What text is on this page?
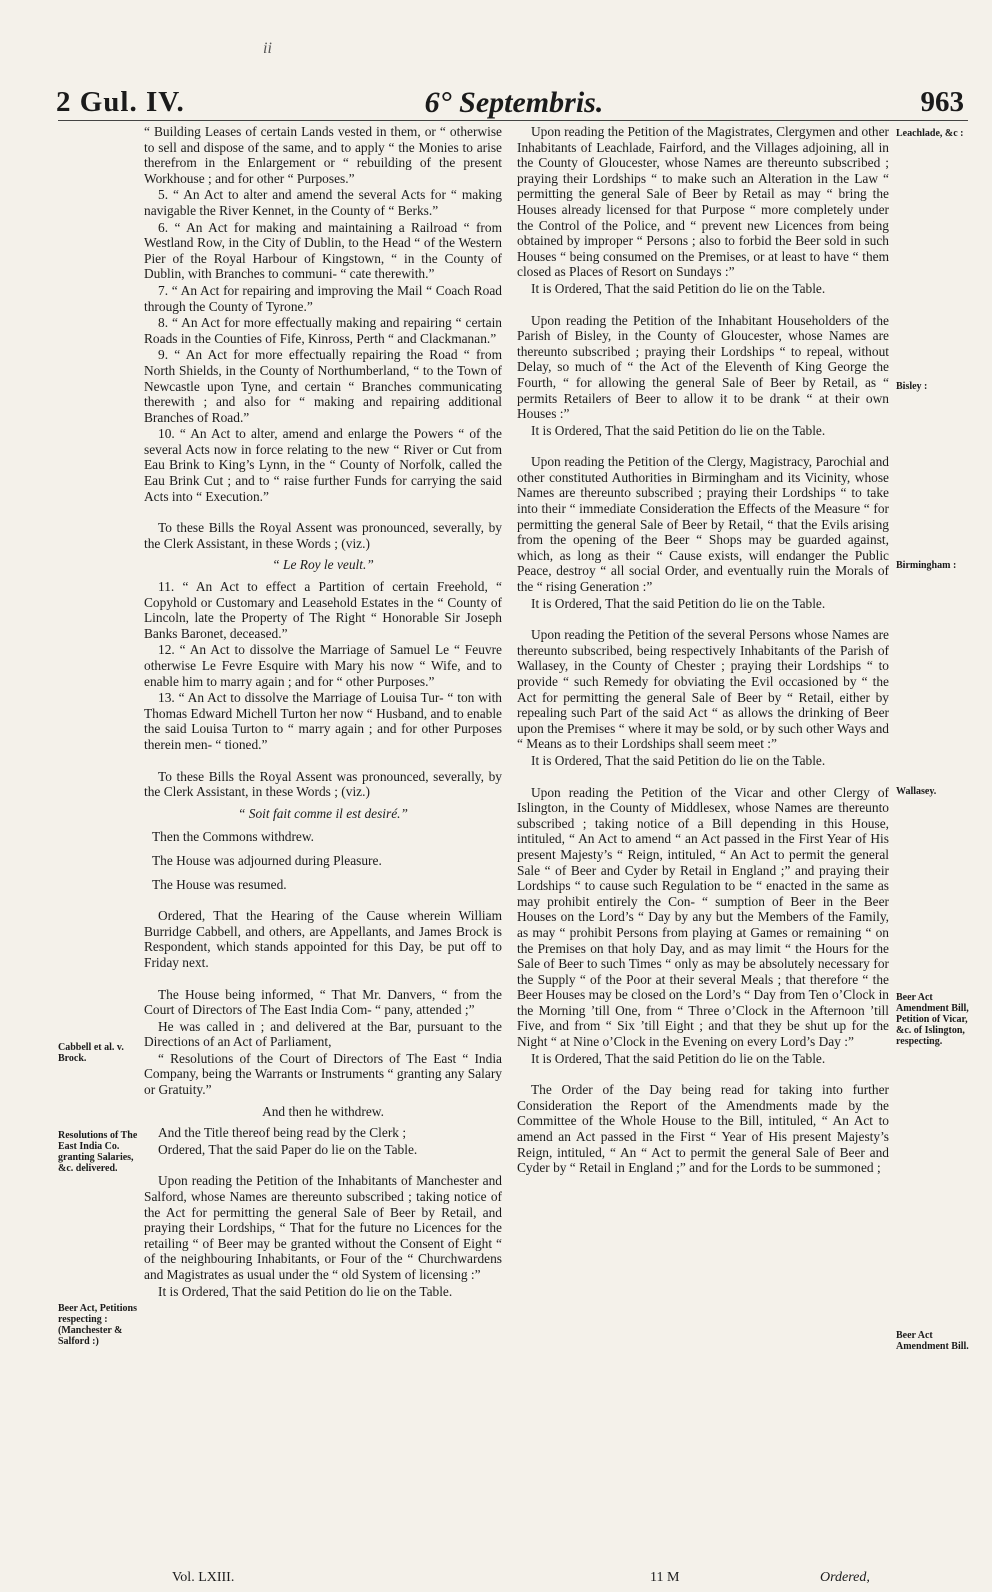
ii
2 Gul. IV.	6° Septembris.	963

“ Building Leases of certain Lands vested in them, or “ otherwise to sell and dispose of the same, and to apply “ the Monies to arise therefrom in the Enlargement or “ rebuilding of the present Workhouse ; and for other “ Purposes.”

5. “ An Act to alter and amend the several Acts for “ making navigable the River Kennet, in the County of “ Berks.”

6. “ An Act for making and maintaining a Railroad “ from Westland Row, in the City of Dublin, to the Head “ of the Western Pier of the Royal Harbour of Kingstown, “ in the County of Dublin, with Branches to communi- “ cate therewith.”

7. “ An Act for repairing and improving the Mail “ Coach Road through the County of Tyrone.”

8. “ An Act for more effectually making and repairing “ certain Roads in the Counties of Fife, Kinross, Perth “ and Clackmanan.”

9. “ An Act for more effectually repairing the Road “ from North Shields, in the County of Northumberland, “ to the Town of Newcastle upon Tyne, and certain “ Branches communicating therewith ; and also for “ making and repairing additional Branches of Road.”

10. “ An Act to alter, amend and enlarge the Powers “ of the several Acts now in force relating to the new “ River or Cut from Eau Brink to King’s Lynn, in the “ County of Norfolk, called the Eau Brink Cut ; and to “ raise further Funds for carrying the said Acts into “ Execution.”

To these Bills the Royal Assent was pronounced, severally, by the Clerk Assistant, in these Words ; (viz.)

“ Le Roy le veult.”

11. “ An Act to effect a Partition of certain Freehold, “ Copyhold or Customary and Leasehold Estates in the “ County of Lincoln, late the Property of The Right “ Honorable Sir Joseph Banks Baronet, deceased.”

12. “ An Act to dissolve the Marriage of Samuel Le “ Feuvre otherwise Le Fevre Esquire with Mary his now “ Wife, and to enable him to marry again ; and for “ other Purposes.”

13. “ An Act to dissolve the Marriage of Louisa Tur- “ ton with Thomas Edward Michell Turton her now “ Husband, and to enable the said Louisa Turton to “ marry again ; and for other Purposes therein men- “ tioned.”

To these Bills the Royal Assent was pronounced, severally, by the Clerk Assistant, in these Words ; (viz.)

“ Soit fait comme il est desiré.”

Then the Commons withdrew.

The House was adjourned during Pleasure.

The House was resumed.

Ordered, That the Hearing of the Cause wherein William Burridge Cabbell, and others, are Appellants, and James Brock is Respondent, which stands appointed for this Day, be put off to Friday next.

The House being informed, “ That Mr. Danvers, “ from the Court of Directors of The East India Com- “ pany, attended ;”

He was called in ; and delivered at the Bar, pursuant to the Directions of an Act of Parliament,

“ Resolutions of the Court of Directors of The East “ India Company, being the Warrants or Instruments “ granting any Salary or Gratuity.”

And then he withdrew.

And the Title thereof being read by the Clerk ;

Ordered, That the said Paper do lie on the Table.

Upon reading the Petition of the Inhabitants of Manchester and Salford, whose Names are thereunto subscribed ; taking notice of the Act for permitting the general Sale of Beer by Retail, and praying their Lordships, “ That for the future no Licences for the retailing “ of Beer may be granted without the Consent of Eight “ of the neighbouring Inhabitants, or Four of the “ Churchwardens and Magistrates as usual under the “ old System of licensing :”

It is Ordered, That the said Petition do lie on the Table.

Upon reading the Petition of the Magistrates, Clergymen and other Inhabitants of Leachlade, Fairford, and the Villages adjoining, all in the County of Gloucester, whose Names are thereunto subscribed ; praying their Lordships “ to make such an Alteration in the Law “ permitting the general Sale of Beer by Retail as may “ bring the Houses already licensed for that Purpose “ more completely under the Control of the Police, and “ prevent new Licences from being obtained by improper “ Persons ; also to forbid the Beer sold in such Houses “ being consumed on the Premises, or at least to have “ them closed as Places of Resort on Sundays :”

It is Ordered, That the said Petition do lie on the Table.

Upon reading the Petition of the Inhabitant Householders of the Parish of Bisley, in the County of Gloucester, whose Names are thereunto subscribed ; praying their Lordships “ to repeal, without Delay, so much of “ the Act of the Eleventh of King George the Fourth, “ for allowing the general Sale of Beer by Retail, as “ permits Retailers of Beer to allow it to be drank “ at their own Houses :”

It is Ordered, That the said Petition do lie on the Table.

Upon reading the Petition of the Clergy, Magistracy, Parochial and other constituted Authorities in Birmingham and its Vicinity, whose Names are thereunto subscribed ; praying their Lordships “ to take into their “ immediate Consideration the Effects of the Measure “ for permitting the general Sale of Beer by Retail, “ that the Evils arising from the opening of the Beer “ Shops may be guarded against, which, as long as their “ Cause exists, will endanger the Public Peace, destroy “ all social Order, and eventually ruin the Morals of the “ rising Generation :”

It is Ordered, That the said Petition do lie on the Table.

Upon reading the Petition of the several Persons whose Names are thereunto subscribed, being respectively Inhabitants of the Parish of Wallasey, in the County of Chester ; praying their Lordships “ to provide “ such Remedy for obviating the Evil occasioned by “ the Act for permitting the general Sale of Beer by “ Retail, either by repealing such Part of the said Act “ as allows the drinking of Beer upon the Premises “ where it may be sold, or by such other Ways and “ Means as to their Lordships shall seem meet :”

It is Ordered, That the said Petition do lie on the Table.

Upon reading the Petition of the Vicar and other Clergy of Islington, in the County of Middlesex, whose Names are thereunto subscribed ; taking notice of a Bill depending in this House, intituled, “ An Act to amend “ an Act passed in the First Year of His present Majesty’s “ Reign, intituled, “ An Act to permit the general Sale “ of Beer and Cyder by Retail in England ;” and praying their Lordships “ to cause such Regulation to be “ enacted in the same as may prohibit entirely the Con- “ sumption of Beer in the Beer Houses on the Lord’s “ Day by any but the Members of the Family, as may “ prohibit Persons from playing at Games or remaining “ on the Premises on that holy Day, and as may limit “ the Hours for the Sale of Beer to such Times “ only as may be absolutely necessary for the Supply “ of the Poor at their several Meals ; that therefore “ the Beer Houses may be closed on the Lord’s “ Day from Ten o’Clock in the Morning ’till One, from “ Three o’Clock in the Afternoon ’till Five, and from “ Six ’till Eight ; and that they be shut up for the Night “ at Nine o’Clock in the Evening on every Lord’s Day :”

It is Ordered, That the said Petition do lie on the Table.

The Order of the Day being read for taking into further Consideration the Report of the Amendments made by the Committee of the Whole House to the Bill, intituled, “ An Act to amend an Act passed in the First “ Year of His present Majesty’s Reign, intituled, “ An “ Act to permit the general Sale of Beer and Cyder by “ Retail in England ;” and for the Lords to be summoned ;

Cabbell et al. v. Brock.
Resolutions of The East India Co. granting Salaries, &c. delivered.
Beer Act, Petitions respecting : (Manchester & Salford :)
Leachlade, &c :
Bisley :
Birmingham :
Wallasey.
Beer Act Amendment Bill, Petition of Vicar, &c. of Islington, respecting.
Beer Act Amendment Bill.
Vol. LXIII.	11 M	Ordered,
